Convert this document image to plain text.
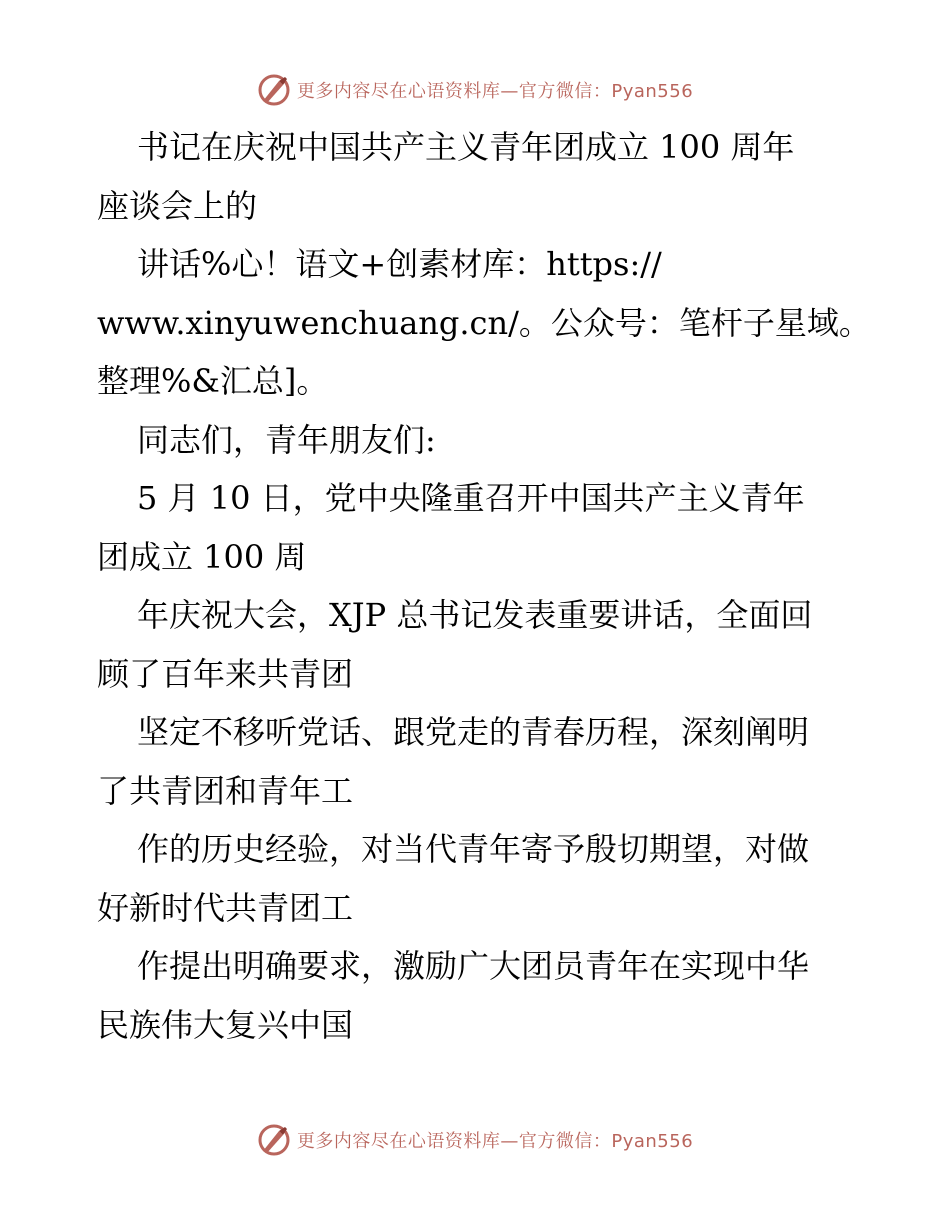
更多内容尽在心语资料库—官方微信：Pyan556
书记在庆祝中国共产主义青年团成立 100 周年
座谈会上的
讲话%心！语文+创素材库：https://
www.xinyuwenchuang.cn/。公众号：笔杆子星域。
整理%&汇总]。
同志们，青年朋友们:
5 月 10 日，党中央隆重召开中国共产主义青年
团成立 100 周
年庆祝大会，XJP 总书记发表重要讲话，全面回
顾了百年来共青团
坚定不移听党话、跟党走的青春历程，深刻阐明
了共青团和青年工
作的历史经验，对当代青年寄予殷切期望，对做
好新时代共青团工
作提出明确要求，激励广大团员青年在实现中华
民族伟大复兴中国
更多内容尽在心语资料库—官方微信：Pyan556
